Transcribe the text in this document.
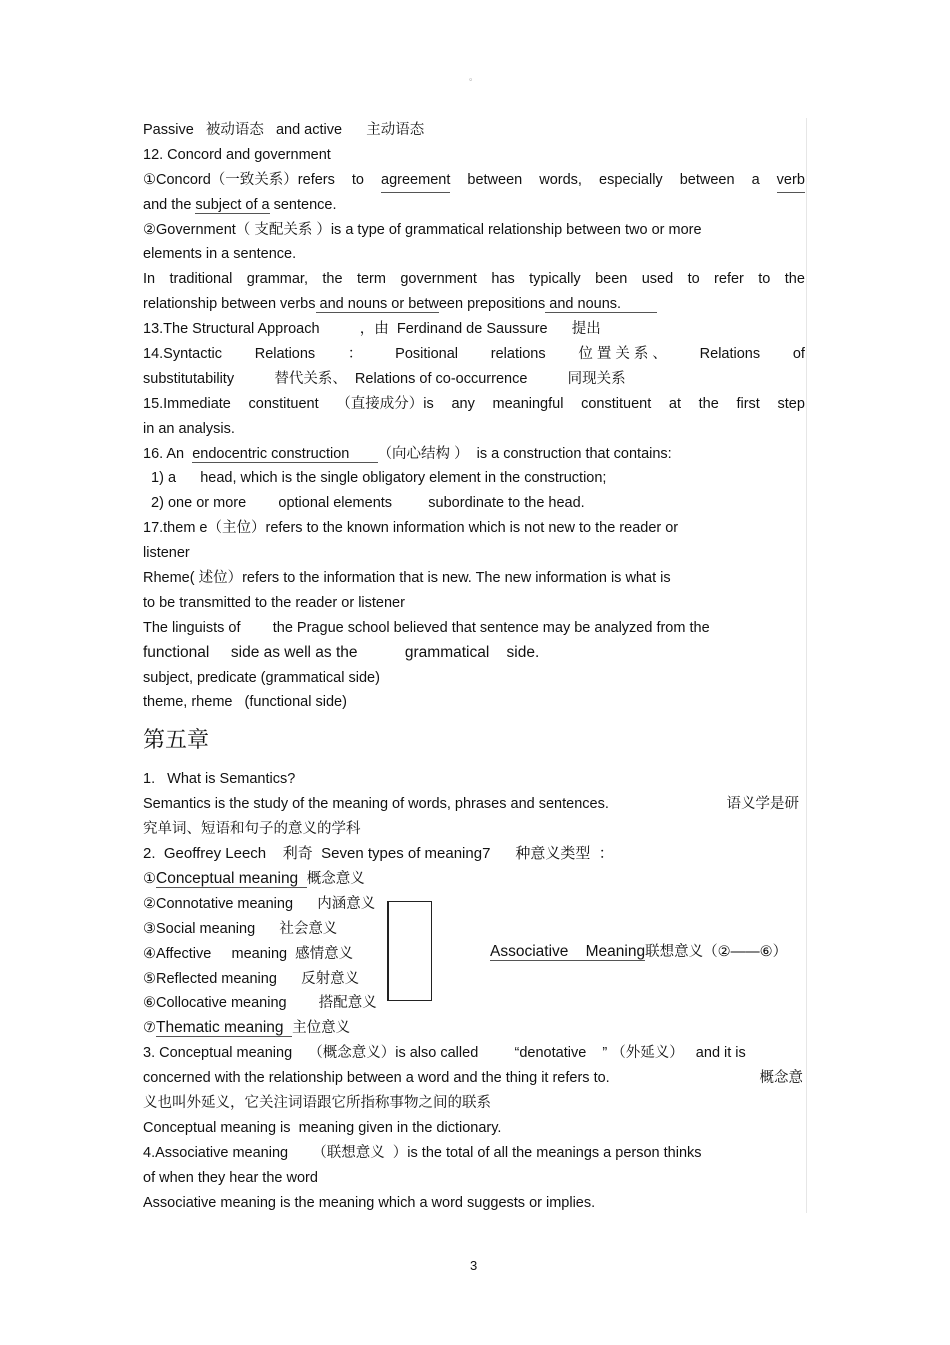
。
Passive   被动语态   and active      主动语态
12. Concord and government
①Concord（一致关系）refers to agreement between words, especially between a verb
and the subject of a sentence.
②Government（ 支配关系 ）is a type of grammatical relationship between two or more
elements in a sentence.
In traditional grammar, the term government has typically been used to refer to the
relationship between verbs and nouns or between prepositions and nouns.
13.The Structural Approach          ，由  Ferdinand de Saussure      提出
14.Syntactic Relations ： Positional relations 位 置 关 系 、 Relations of
substitutability          替代关系、  Relations of co-occurrence          同现关系
15.Immediate constituent （直接成分）is any meaningful constituent at the first step
in an analysis.
16. An  endocentric construction       （向心结构 ）  is a construction that contains:
1) a      head, which is the single obligatory element in the construction;
2) one or more        optional elements         subordinate to the head.
17.them e（主位）refers to the known information which is not new to the reader or
listener
Rheme( 述位）refers to the information that is new. The new information is what is
to be transmitted to the reader or listener
The linguists of        the Prague school believed that sentence may be analyzed from the
functional     side as well as the           grammatical    side.
subject, predicate (grammatical side)
theme, rheme   (functional side)
第五章
1.   What is Semantics?
Semantics is the study of the meaning of words, phrases and sentences.	语义学是研
究单词、短语和句子的意义的学科
2.  Geoffrey Leech    利奇  Seven types of meaning7      种意义类型  ：
①Conceptual meaning  概念意义
②Connotative meaning      内涵意义
③Social meaning      社会意义
④Affective     meaning  感情意义
⑤Reflected meaning      反射意义
⑥Collocative meaning        搭配意义
⑦Thematic meaning  主位意义
3. Conceptual meaning    （概念意义）is also called         “denotative    ” （外延义）   and it is
concerned with the relationship between a word and the thing it refers to.	概念意
义也叫外延义，它关注词语跟它所指称事物之间的联系
Conceptual meaning is  meaning given in the dictionary.
4.Associative meaning      （联想意义  ）is the total of all the meanings a person thinks
of when they hear the word
Associative meaning is the meaning which a word suggests or implies.
Associative    Meaning联想意义（②——⑥）
3
